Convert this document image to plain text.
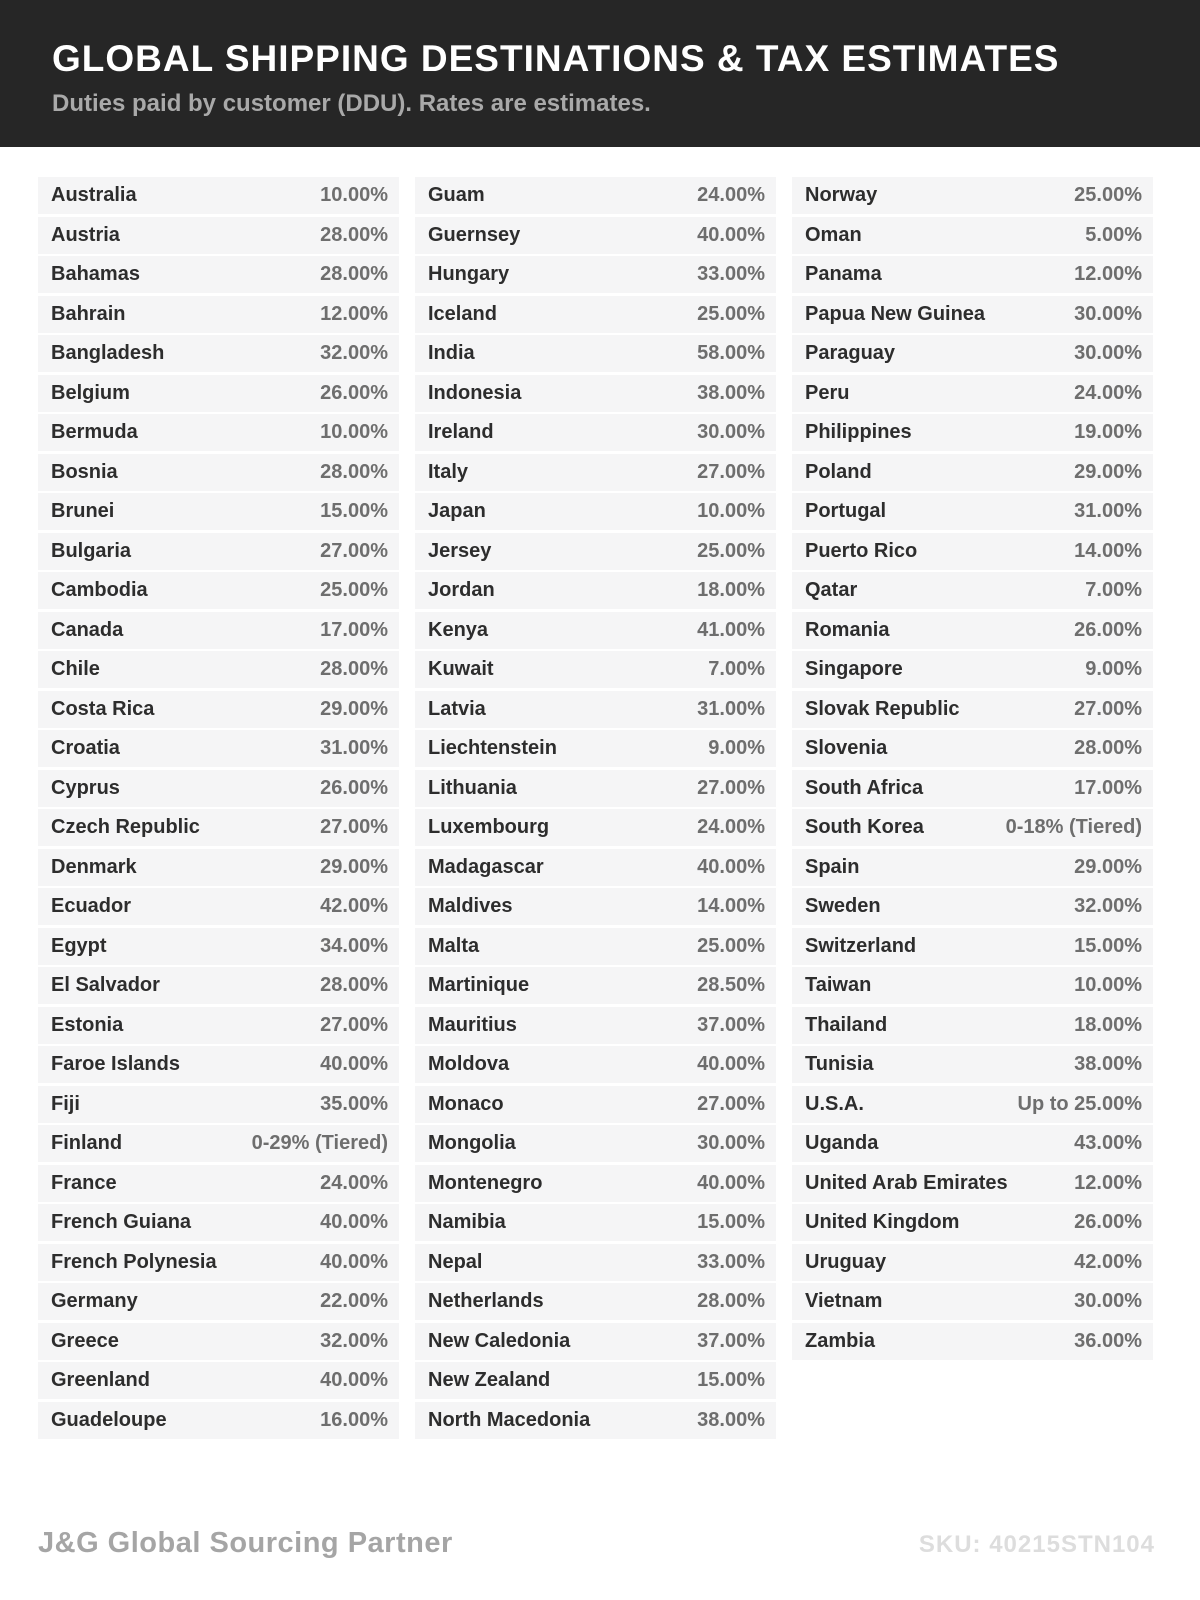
GLOBAL SHIPPING DESTINATIONS & TAX ESTIMATES
Duties paid by customer (DDU). Rates are estimates.
Australia	10.00%
Austria	28.00%
Bahamas	28.00%
Bahrain	12.00%
Bangladesh	32.00%
Belgium	26.00%
Bermuda	10.00%
Bosnia	28.00%
Brunei	15.00%
Bulgaria	27.00%
Cambodia	25.00%
Canada	17.00%
Chile	28.00%
Costa Rica	29.00%
Croatia	31.00%
Cyprus	26.00%
Czech Republic	27.00%
Denmark	29.00%
Ecuador	42.00%
Egypt	34.00%
El Salvador	28.00%
Estonia	27.00%
Faroe Islands	40.00%
Fiji	35.00%
Finland	0-29% (Tiered)
France	24.00%
French Guiana	40.00%
French Polynesia	40.00%
Germany	22.00%
Greece	32.00%
Greenland	40.00%
Guadeloupe	16.00%
Guam	24.00%
Guernsey	40.00%
Hungary	33.00%
Iceland	25.00%
India	58.00%
Indonesia	38.00%
Ireland	30.00%
Italy	27.00%
Japan	10.00%
Jersey	25.00%
Jordan	18.00%
Kenya	41.00%
Kuwait	7.00%
Latvia	31.00%
Liechtenstein	9.00%
Lithuania	27.00%
Luxembourg	24.00%
Madagascar	40.00%
Maldives	14.00%
Malta	25.00%
Martinique	28.50%
Mauritius	37.00%
Moldova	40.00%
Monaco	27.00%
Mongolia	30.00%
Montenegro	40.00%
Namibia	15.00%
Nepal	33.00%
Netherlands	28.00%
New Caledonia	37.00%
New Zealand	15.00%
North Macedonia	38.00%
Norway	25.00%
Oman	5.00%
Panama	12.00%
Papua New Guinea	30.00%
Paraguay	30.00%
Peru	24.00%
Philippines	19.00%
Poland	29.00%
Portugal	31.00%
Puerto Rico	14.00%
Qatar	7.00%
Romania	26.00%
Singapore	9.00%
Slovak Republic	27.00%
Slovenia	28.00%
South Africa	17.00%
South Korea	0-18% (Tiered)
Spain	29.00%
Sweden	32.00%
Switzerland	15.00%
Taiwan	10.00%
Thailand	18.00%
Tunisia	38.00%
U.S.A.	Up to 25.00%
Uganda	43.00%
United Arab Emirates	12.00%
United Kingdom	26.00%
Uruguay	42.00%
Vietnam	30.00%
Zambia	36.00%
J&G Global Sourcing Partner	SKU: 40215STN104
